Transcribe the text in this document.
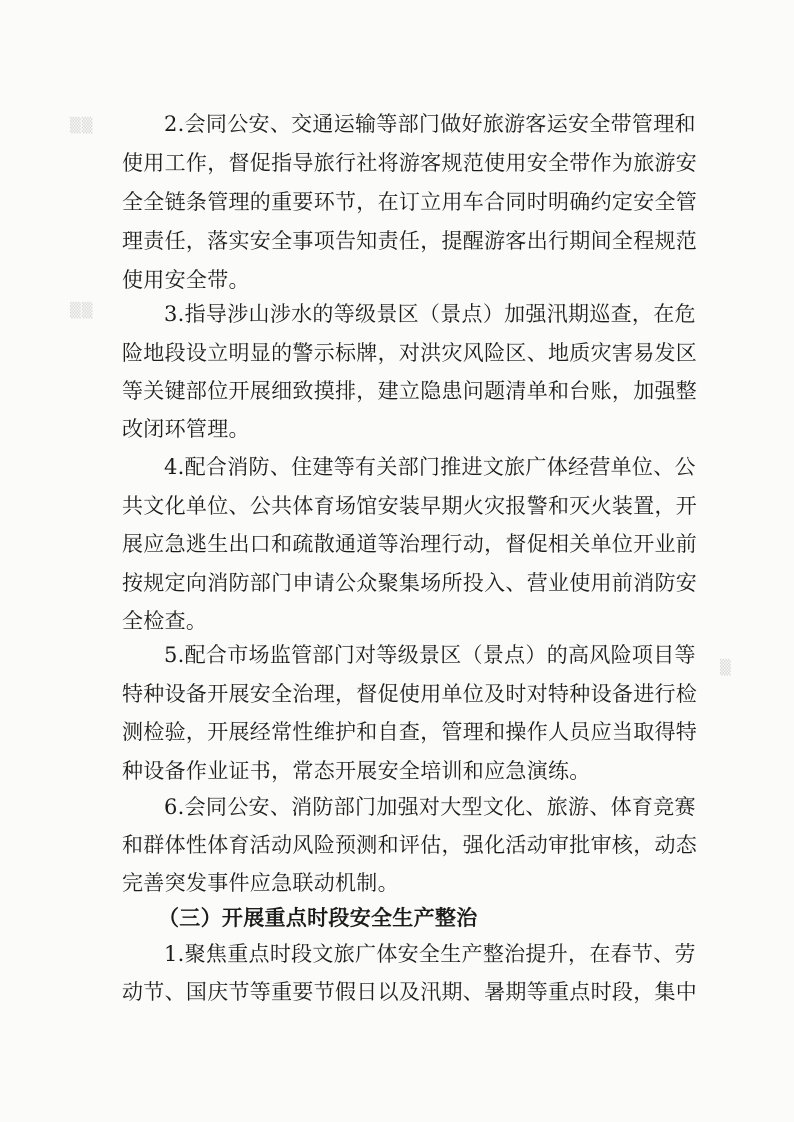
▒▒
▒▒
▒
2.会同公安、交通运输等部门做好旅游客运安全带管理和
使用工作，督促指导旅行社将游客规范使用安全带作为旅游安
全全链条管理的重要环节，在订立用车合同时明确约定安全管
理责任，落实安全事项告知责任，提醒游客出行期间全程规范
使用安全带。
3.指导涉山涉水的等级景区（景点）加强汛期巡查，在危
险地段设立明显的警示标牌，对洪灾风险区、地质灾害易发区
等关键部位开展细致摸排，建立隐患问题清单和台账，加强整
改闭环管理。
4.配合消防、住建等有关部门推进文旅广体经营单位、公
共文化单位、公共体育场馆安装早期火灾报警和灭火装置，开
展应急逃生出口和疏散通道等治理行动，督促相关单位开业前
按规定向消防部门申请公众聚集场所投入、营业使用前消防安
全检查。
5.配合市场监管部门对等级景区（景点）的高风险项目等
特种设备开展安全治理，督促使用单位及时对特种设备进行检
测检验，开展经常性维护和自查，管理和操作人员应当取得特
种设备作业证书，常态开展安全培训和应急演练。
6.会同公安、消防部门加强对大型文化、旅游、体育竞赛
和群体性体育活动风险预测和评估，强化活动审批审核，动态
完善突发事件应急联动机制。
（三）开展重点时段安全生产整治
1.聚焦重点时段文旅广体安全生产整治提升，在春节、劳
动节、国庆节等重要节假日以及汛期、暑期等重点时段，集中
